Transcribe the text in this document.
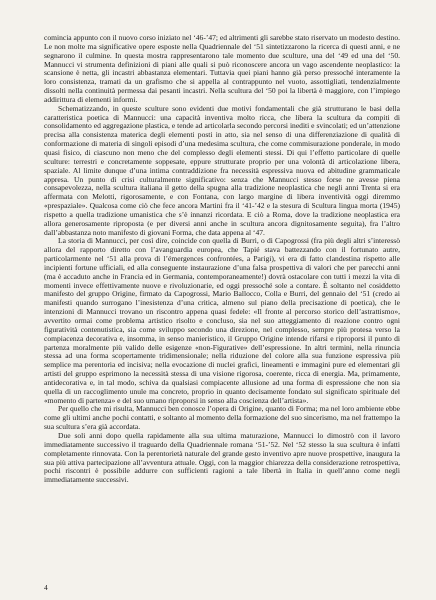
cominciа appunto con il nuovo corso iniziato nel ‘46-’47; ed altrimenti gli sarebbe stato riservato un modesto destino. Le non molte ma significative opere esposte nella Quadriennale del ‘51 sintetizzarono la ricerca di questi anni, e ne segnarono il culmine. In questa mostra rappresentarono tale momento due sculture, una del ‘49 ed una del ‘50. Mannucci vi strumenta definizioni di piani alle quali si può riconoscere ancora un vago ascendente neoplastico: la scansione è netta, gli incastri abbastanza elementari. Tuttavia quei piani hanno già perso pressoché interamente la loro consistenza, tramati da un grafismo che si appella al contrappunto nel vuoto, assottigliati, tendenzialmente dissolti nella continuità permessa dai pesanti incastri. Nella scultura del ‘50 poi la libertà è maggiore, con l’impiego addirittura di elementi informi.

Schematizzando, in queste sculture sono evidenti due motivi fondamentali che già strutturano le basi della caratteristica poetica di Mannucci: una capacità inventiva molto ricca, che libera la scultura da compiti di consolidamento ed aggregazione plastica, e tende ad articolarla secondo percorsi inediti e svincolati; ed un’attenzione precisa alla consistenza materica degli elementi posti in atto, sia nel senso di una differenziazione di qualità di conformazione di materia di singoli episodi d’una medesima scultura, che come commisurazione ponderale, in modo quasi fisico, di ciascuno non meno che del complesso degli elementi stessi. Di qui l’effetto particolare di quelle sculture: terrestri e concretamente soppesate, eppure strutturate proprio per una volontà di articolazione libera, spaziale. Al limite dunque d’una intima contraddizione fra necessità espressiva nuova ed abitudine grammaticale appresa. Un punto di crisi culturalmente significativo: senza che Mannucci stesso forse ne avesse piena consapevolezza, nella scultura italiana il getto della spugna alla tradizione neoplastica che negli anni Trenta si era affermata con Melotti, rigorosamente, e con Fontana, con largo margine di libera inventività oggi diremmo «prespaziale». Qualcosa come ciò che fece ancora Martini fra il ‘41-’42 e la stesura di Scultura lingua morta (1945) rispetto a quella tradizione umanistica che s’è innanzi ricordata. E ciò a Roma, dove la tradizione neoplastica era allora generosamente riproposta (e per diversi anni anche in scultura ancora dignitosamente seguita), fra l’altro dall’abbastanza noto manifesto di giovani Forma, che data appena al ‘47.

La storia di Mannucci, per così dire, coincide con quella di Burri, o di Capogrossi (fra più degli altri s’interessò allora del rapporto diretto con l’avanguardia europea, che Tapié stava battezzando con il fortunato autre, particolarmente nel ‘51 alla prova di l’émergences confrontées, a Parigi), vi era di fatto clandestina rispetto alle incipienti fortune ufficiali, ed alla conseguente instaurazione d’una falsa prospettiva di valori che per parecchi anni (ma è accaduto anche in Francia ed in Germania, contemporaneamente!) dovrà ostacolare con tutti i mezzi la vita di momenti invece effettivamente nuove e rivoluzionarie, ed oggi pressoché sole a contare. È soltanto nel cosiddetto manifesto del gruppo Origine, firmato da Capogrossi, Mario Ballocco, Colla e Burri, del gennaio del ‘51 (credo ai manifesti quando surrogano l’inesistenza d’una critica, almeno sul piano della precisazione di poetica), che le intenzioni di Mannucci trovano un riscontro appena quasi fedele: «Il fronte al percorso storico dell’astrattismo», avvertito ormai come problema artistico risolto e concluso, sia nel suo atteggiamento di reazione contro ogni figuratività contenutistica, sia come sviluppo secondo una direzione, nel complesso, sempre più protesa verso la compiacenza decorativa e, insomma, in senso manieristico, il Gruppo Origine intende rifarsi e riproporsi il punto di partenza moralmente più valido delle esigenze «non-Figurative» dell’espressione. In altri termini, nella rinuncia stessa ad una forma scopertamente tridimensionale; nella riduzione del colore alla sua funzione espressiva più semplice ma perentoria ed incisiva; nella evocazione di nuclei grafici, lineamenti e immagini pure ed elementari gli artisti del gruppo esprimono la necessità stessa di una visione rigorosa, coerente, ricca di energia. Ma, primamente, antidecorativa e, in tal modo, schiva da qualsiasi compiacente allusione ad una forma di espressione che non sia quella di un raccoglimento unule ma concreto, proprio in quanto decisamente fondato sul significato spirituale del «momento di partenza» e del suo umano riproporsi in senso alla coscienza dell’artista».

Per quello che mi risulta, Mannucci ben conosce l’opera di Origine, quanto di Forma; ma nel loro ambiente ebbe come gli ultimi anche pochi contatti, e soltanto al momento della formazione del suo sincerismo, ma nel frattempo la sua scultura s’era già accordata.

Due soli anni dopo quella rapidamente alla sua ultima maturazione, Mannucci lo dimostrò con il lavoro immediatamente successivo il traguardo della Quadriennale romana ‘51-’52. Nel ‘52 stesso la sua scultura è infatti completamente rinnovata. Con la perentorietà naturale del grande gesto inventivo apre nuove prospettive, inaugura la sua più attiva partecipazione all’avventura attuale. Oggi, con la maggior chiarezza della considerazione retrospettiva, pochi riscontri è possibile addurre con sufficienti ragioni a tale libertà in Italia in quell’anno come negli immediatamente successivi.

4
